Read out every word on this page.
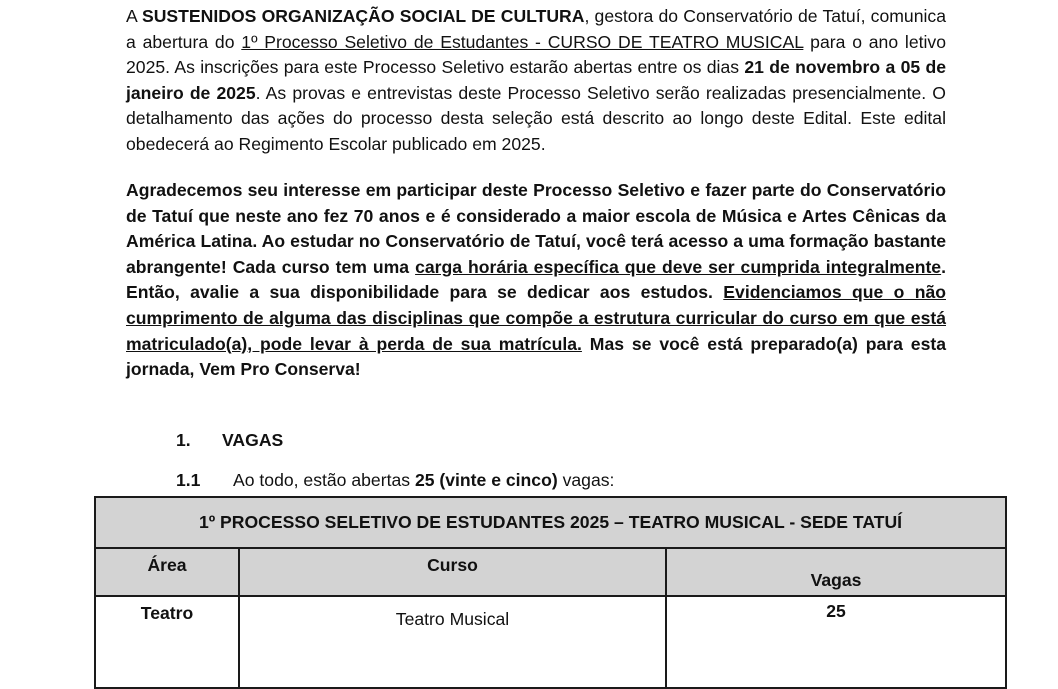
A SUSTENIDOS ORGANIZAÇÃO SOCIAL DE CULTURA, gestora do Conservatório de Tatuí, comunica a abertura do 1º Processo Seletivo de Estudantes - CURSO DE TEATRO MUSICAL para o ano letivo 2025. As inscrições para este Processo Seletivo estarão abertas entre os dias 21 de novembro a 05 de janeiro de 2025. As provas e entrevistas deste Processo Seletivo serão realizadas presencialmente. O detalhamento das ações do processo desta seleção está descrito ao longo deste Edital. Este edital obedecerá ao Regimento Escolar publicado em 2025.

Agradecemos seu interesse em participar deste Processo Seletivo e fazer parte do Conservatório de Tatuí que neste ano fez 70 anos e é considerado a maior escola de Música e Artes Cênicas da América Latina. Ao estudar no Conservatório de Tatuí, você terá acesso a uma formação bastante abrangente! Cada curso tem uma carga horária específica que deve ser cumprida integralmente. Então, avalie a sua disponibilidade para se dedicar aos estudos. Evidenciamos que o não cumprimento de alguma das disciplinas que compõe a estrutura curricular do curso em que está matriculado(a), pode levar à perda de sua matrícula. Mas se você está preparado(a) para esta jornada, Vem Pro Conserva!

1. VAGAS
1.1 Ao todo, estão abertas 25 (vinte e cinco) vagas:
1º PROCESSO SELETIVO DE ESTUDANTES 2025 – TEATRO MUSICAL - SEDE TATUÍ		
Área	Curso	Vagas
Teatro	Teatro Musical	25
